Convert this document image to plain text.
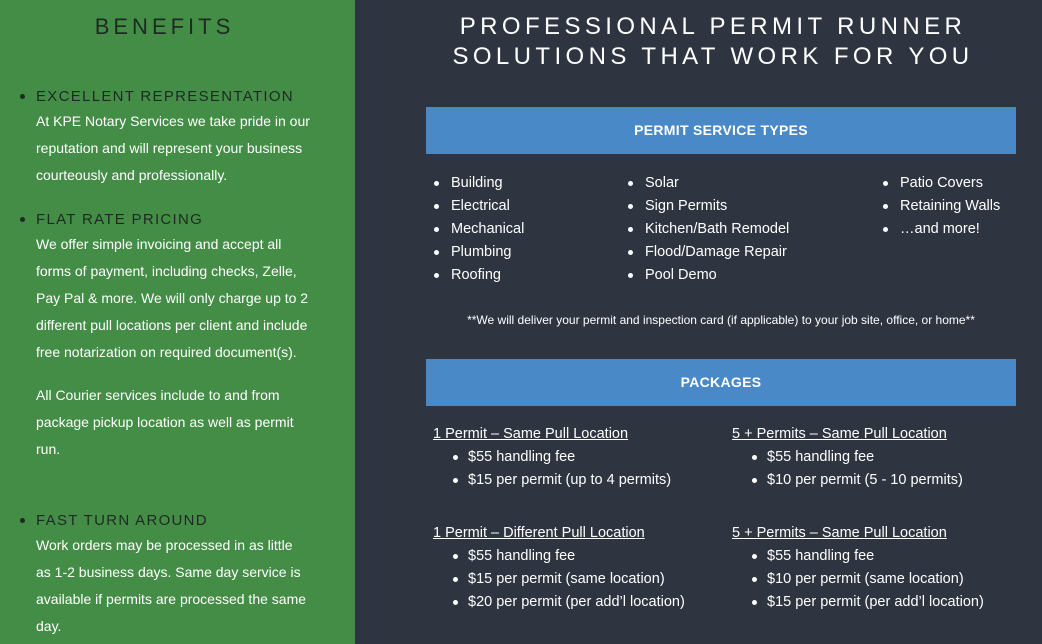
BENEFITS
EXCELLENT REPRESENTATION

At KPE Notary Services we take pride in our reputation and will represent your business courteously and professionally.

FLAT RATE PRICING

We offer simple invoicing and accept all forms of payment, including checks, Zelle, Pay Pal & more. We will only charge up to 2 different pull locations per client and include free notarization on required document(s).

All Courier services include to and from package pickup location as well as permit run.

FAST TURN AROUND

Work orders may be processed in as little as 1-2 business days. Same day service is available if permits are processed the same day.

PROFESSIONAL PERMIT RUNNER
SOLUTIONS THAT WORK FOR YOU
PERMIT SERVICE TYPES
Building
Electrical
Mechanical
Plumbing
Roofing
Solar
Sign Permits
Kitchen/Bath Remodel
Flood/Damage Repair
Pool Demo
Patio Covers
Retaining Walls
…and more!
**We will deliver your permit and inspection card (if applicable) to your job site, office, or home**
PACKAGES
1 Permit – Same Pull Location
$55 handling fee
$15 per permit (up to 4 permits)
5 + Permits – Same Pull Location
$55 handling fee
$10 per permit (5 - 10 permits)
1 Permit – Different Pull Location
$55 handling fee
$15 per permit (same location)
$20 per permit (per add’l location)
5 + Permits – Same Pull Location
$55 handling fee
$10 per permit (same location)
$15 per permit (per add’l location)
